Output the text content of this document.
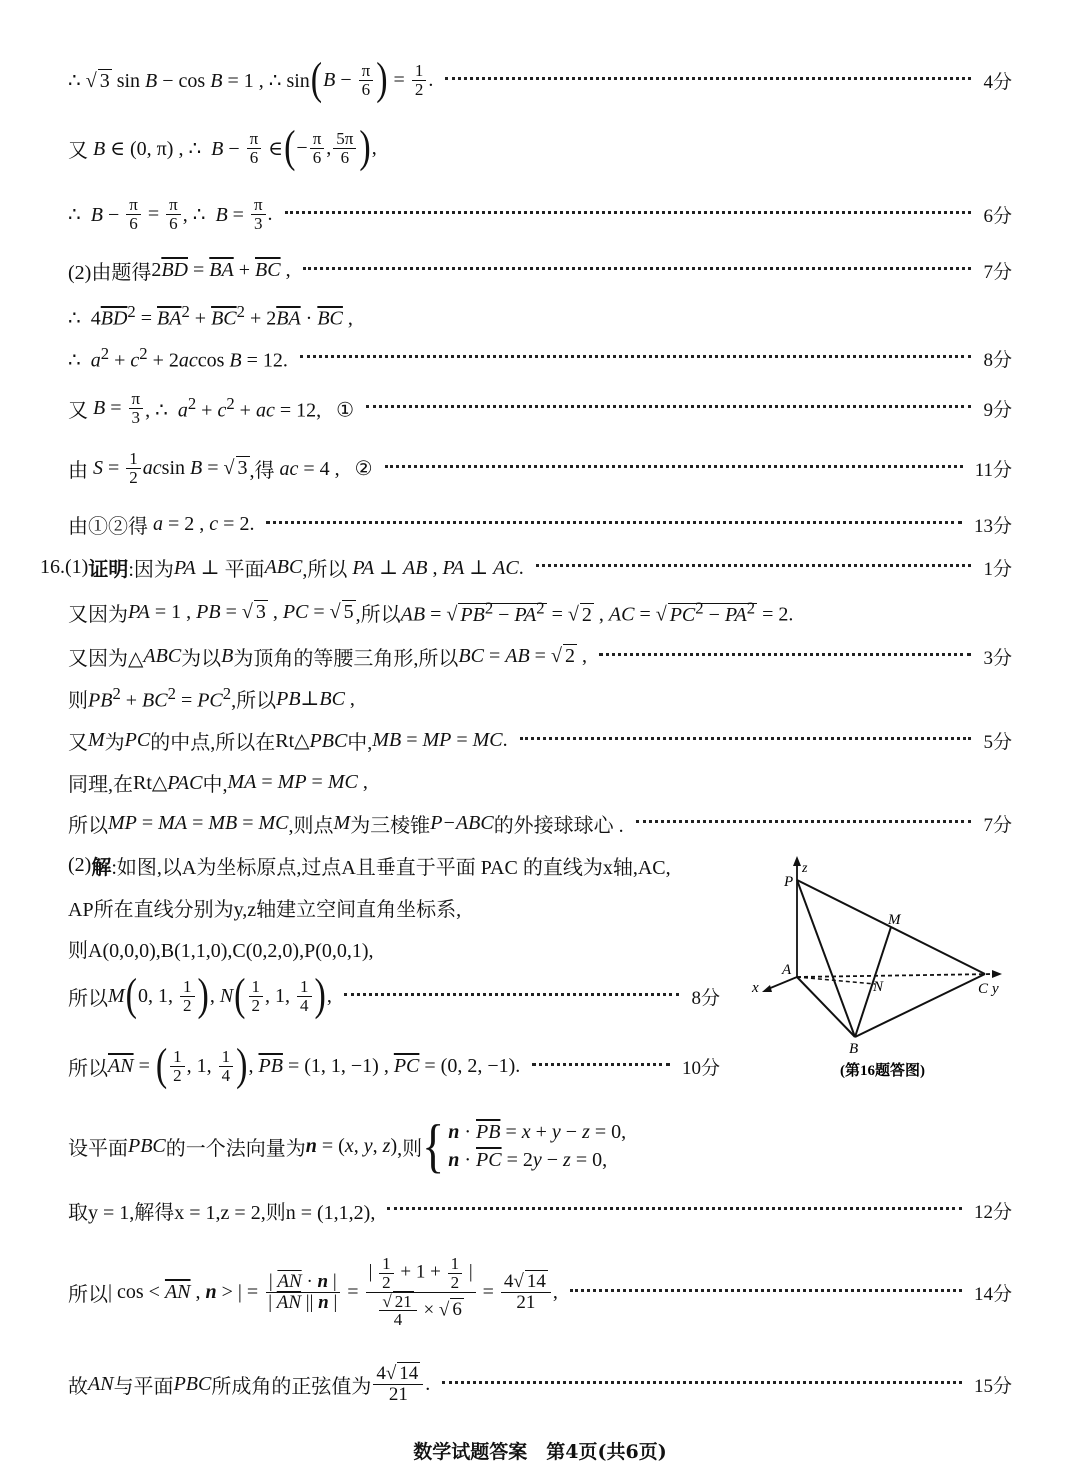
∴ √ 3 sin B − cos B = 1 , ∴ sin ( $B - \frac{\pi}{6}$ ) = $\frac{1}{2}$ .	4分
又 B ∈ (0, π) , ∴  $B - \frac{\pi}{6}$ ∈ ( − $\frac{\pi}{6}$ , $\frac{5\pi}{6}$ ) ,
∴  $B - \frac{\pi}{6} = \frac{\pi}{6}$ , ∴  $B = \frac{\pi}{3}$ .	6分
(2)由题得 $2\overline{BD} = \overline{BA} + \overline{BC}$ ,	7分
∴  $4\overline{BD}^2 = \overline{BA}^2 + \overline{BC}^2 + 2\overline{BA} \cdot \overline{BC}$ ,
∴  $a^2 + c^2 + 2accos$ B = 12.	8分
又 $B = \frac{\pi}{3}$ , ∴  $a^2 + c^2$ + ac = 12,   ①	9分
由 $S = \frac{1}{2}$ acsin B = √ 3 ,得 ac = 4 ,   ②	11分
由①②得 a = 2 , c = 2.	13分
16. (1) 证明 :因为 PA ⊥ 平面 ABC ,所以 PA ⊥ AB , PA ⊥ AC.	1分
又因为 PA = 1 , PB = √ 3 , PC = √ 5 ,所以 AB = √ $PB^2 - PA^2$ = √ 2 , AC = √ $PC^2 - PA^2 = 2$.
又因为△ ABC 为以 B 为顶角的等腰三角形,所以 BC = AB = √ 2 ,	3分
则 $PB^2 + BC^2 = PC^2$ ,所以 PB⊥BC ,
又 M 为 PC 的中点,所以在 Rt△PBC 中, MB = MP = MC.	5分
同理,在 Rt△PAC 中, MA = MP = MC ,
所以 MP = MA = MB = MC ,则点 M 为三棱锥 P−ABC 的外接球球心 .	7分
(2) 解 :如图,以A为坐标原点,过点A且垂直于平面 PAC 的直线为x轴,AC,
AP所在直线分别为y,z轴建立空间直角坐标系,
则A(0,0,0),B(1,1,0),C(0,2,0),P(0,0,1),
所以 M ( 0, 1, $\frac{1}{2}$ ) , N ( $\frac{1}{2}$ , 1, $\frac{1}{4}$ ) ,	8分
所以 $\overline{AN}$ = ( $\frac{1}{2}$ , 1, $\frac{1}{4}$ ) , $\overline{PB} = (1$, 1, −1) , $\overline{PC} = (0$, 2, −1).	10分
设平面 PBC 的一个法向量为 n = (x, y, z) ,则 { $n \cdot \overline{PB} = x + y - z = 0$,
$n \cdot \overline{PC} = 2y - z = 0$,
取y = 1,解得x = 1,z = 2,则n = (1,1,2),	12分
所以 | $\cos < \overline{AN}$ , n > | = $\frac{| \overline{AN} \cdot n |}{| \overline{AN} || n |} = \frac{| \frac{1}{2} + 1 + \frac{1}{2} |}{\frac{√ 21}{4} \times √ 6} = \frac{4√ 14}{21}$ ,	14分
故 AN 与平面 PBC 所成角的正弦值为 $\frac{4√ 14}{21}$ .	15分
P
z
M
A
x	N	C y
B
(第16题答图)
数学试题答案　第4页(共6页)
